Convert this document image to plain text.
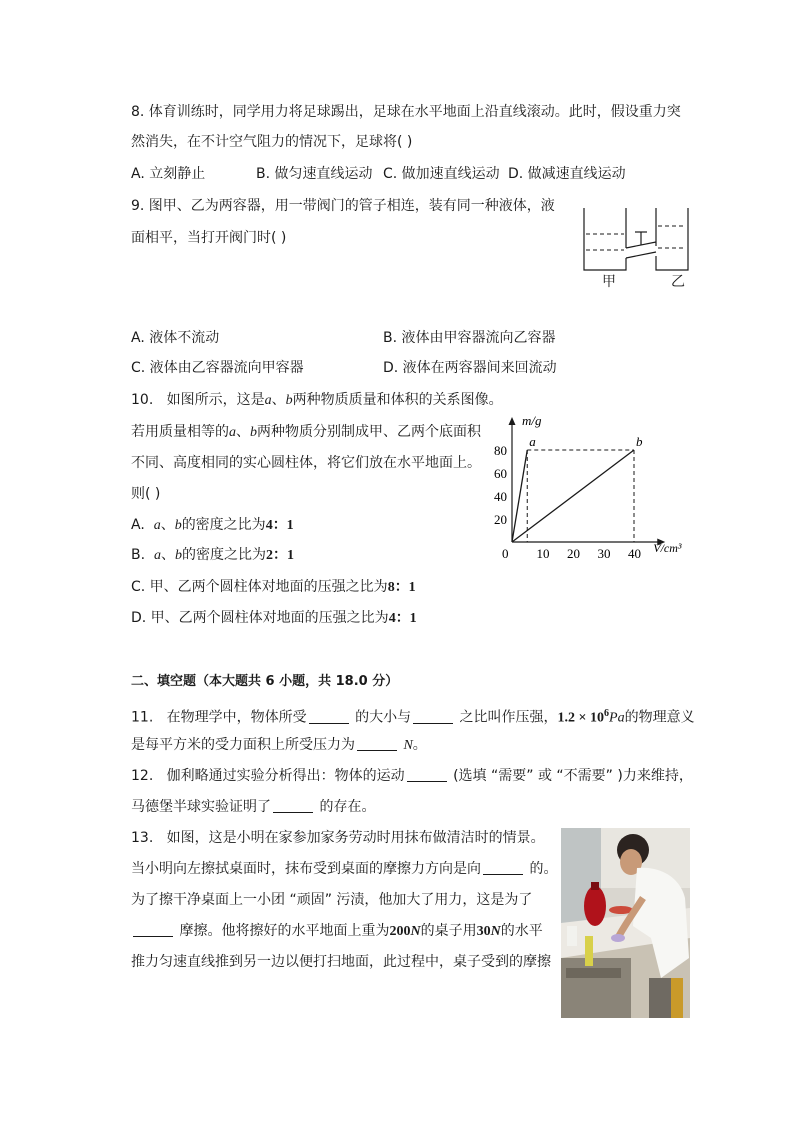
8. 体育训练时，同学用力将足球踢出，足球在水平地面上沿直线滚动。此时，假设重力突
然消失，在不计空气阻力的情况下，足球将( )
A. 立刻静止	B. 做匀速直线运动 C. 做加速直线运动 D. 做减速直线运动
9. 图甲、乙为两容器，用一带阀门的管子相连，装有同一种液体，液
面相平，当打开阀门时( )
甲	乙
A. 液体不流动	B. 液体由甲容器流向乙容器
C. 液体由乙容器流向甲容器	D. 液体在两容器间来回流动
10. 如图所示，这是a、b两种物质质量和体积的关系图像。
若用质量相等的a、b两种物质分别制成甲、乙两个底面积
不同、高度相同的实心圆柱体，将它们放在水平地面上。
则( )
A. a、b的密度之比为4：1
B. a、b的密度之比为2：1
C. 甲、乙两个圆柱体对地面的压强之比为8：1
D. 甲、乙两个圆柱体对地面的压强之比为4：1
m/g
V/cm³
0 10 20 30 40
20
40
60
80
a	b
二、填空题（本大题共 6 小题，共 18.0 分）
11. 在物理学中，物体所受	的大小与	之比叫作压强，$1.2 \times 10^6Pa$的物理意义
是每平方米的受力面积上所受压力为	N。
12. 伽利略通过实验分析得出：物体的运动	(选填 “需要” 或 “不需要” )力来维持，
马德堡半球实验证明了	的存在。
13. 如图，这是小明在家参加家务劳动时用抹布做清洁时的情景。
当小明向左擦拭桌面时，抹布受到桌面的摩擦力方向是向	的。
为了擦干净桌面上一小团 “顽固” 污渍，他加大了用力，这是为了
摩擦。他将擦好的水平地面上重为200N的桌子用30N的水平
推力匀速直线推到另一边以便打扫地面，此过程中，桌子受到的摩擦
